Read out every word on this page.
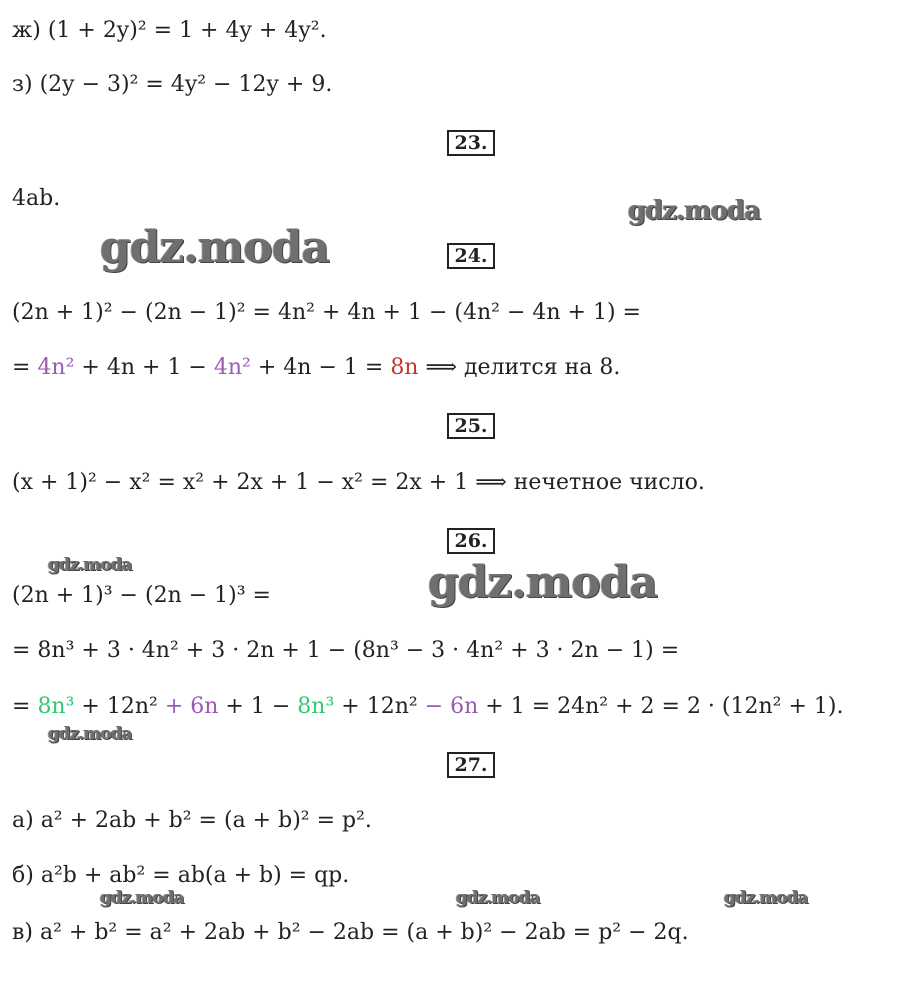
gdz.moda
gdz.moda
gdz.moda	gdz.moda
gdz.moda
gdz.moda	gdz.moda	gdz.moda
ж) (1 + 2y)² = 1 + 4y + 4y².
з) (2y − 3)² = 4y² − 12y + 9.
23.
4ab.
24.
(2n + 1)² − (2n − 1)² = 4n² + 4n + 1 − (4n² − 4n + 1) =
= 4n² + 4n + 1 − 4n² + 4n − 1 = 8n ⟹ делится на 8.
25.
(x + 1)² − x² = x² + 2x + 1 − x² = 2x + 1 ⟹ нечетное число.
26.
(2n + 1)³ − (2n − 1)³ =
= 8n³ + 3 · 4n² + 3 · 2n + 1 − (8n³ − 3 · 4n² + 3 · 2n − 1) =
= 8n³ + 12n² + 6n + 1 − 8n³ + 12n² − 6n + 1 = 24n² + 2 = 2 · (12n² + 1).
27.
а) a² + 2ab + b² = (a + b)² = p².
б) a²b + ab² = ab(a + b) = qp.
в) a² + b² = a² + 2ab + b² − 2ab = (a + b)² − 2ab = p² − 2q.
